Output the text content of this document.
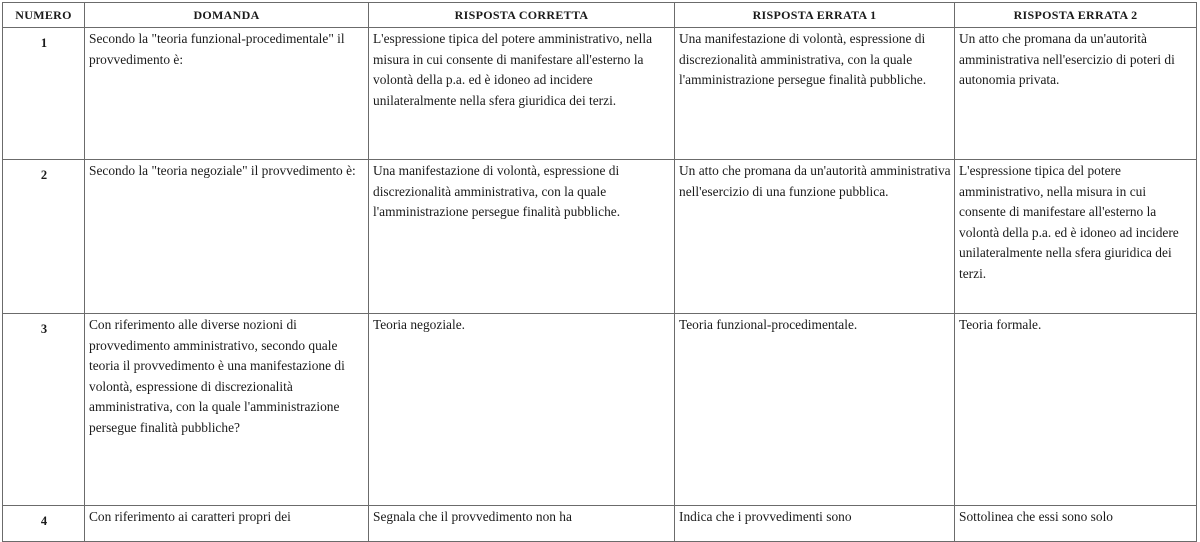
NUMERO	DOMANDA	RISPOSTA CORRETTA	RISPOSTA ERRATA 1	RISPOSTA ERRATA 2

1	Secondo la "teoria funzional-procedimentale" il provvedimento è:	L'espressione tipica del potere amministrativo, nella misura in cui consente di manifestare all'esterno la volontà della p.a. ed è idoneo ad incidere unilateralmente nella sfera giuridica dei terzi.	Una manifestazione di volontà, espressione di discrezionalità amministrativa, con la quale l'amministrazione persegue finalità pubbliche.	Un atto che promana da un'autorità amministrativa nell'esercizio di poteri di autonomia privata.

2	Secondo la "teoria negoziale" il provvedimento è:	Una manifestazione di volontà, espressione di discrezionalità amministrativa, con la quale l'amministrazione persegue finalità pubbliche.	Un atto che promana da un'autorità amministrativa nell'esercizio di una funzione pubblica.	L'espressione tipica del potere amministrativo, nella misura in cui consente di manifestare all'esterno la volontà della p.a. ed è idoneo ad incidere unilateralmente nella sfera giuridica dei terzi.

3	Con riferimento alle diverse nozioni di provvedimento amministrativo, secondo quale teoria il provvedimento è una manifestazione di volontà, espressione di discrezionalità amministrativa, con la quale l'amministrazione persegue finalità pubbliche?	Teoria negoziale.	Teoria funzional-procedimentale.	Teoria formale.

4	Con riferimento ai caratteri propri dei	Segnala che il provvedimento non ha	Indica che i provvedimenti sono	Sottolinea che essi sono solo
